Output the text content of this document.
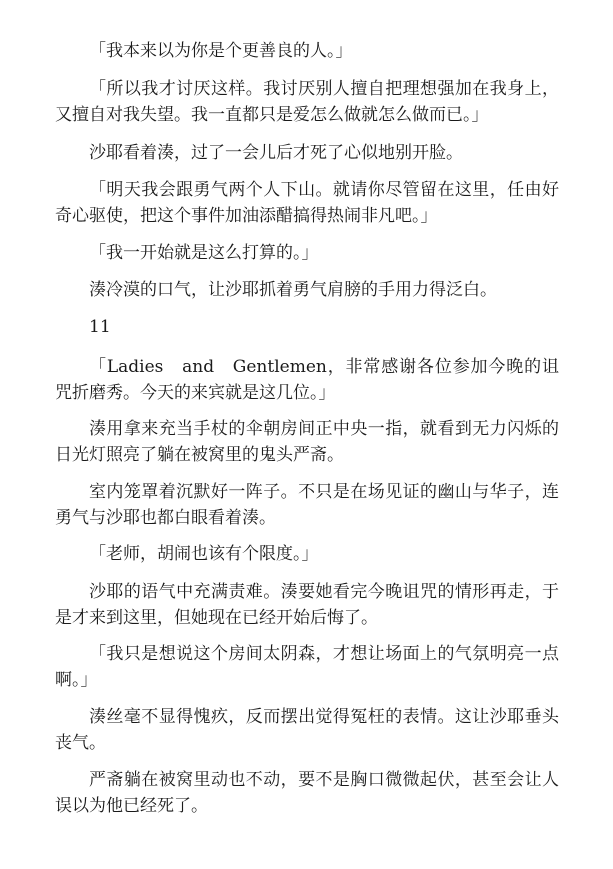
「我本来以为你是个更善良的人。」

「所以我才讨厌这样。我讨厌别人擅自把理想强加在我身上，又擅自对我失望。我一直都只是爱怎么做就怎么做而已。」

沙耶看着湊，过了一会儿后才死了心似地别开脸。

「明天我会跟勇气两个人下山。就请你尽管留在这里，任由好奇心驱使，把这个事件加油添醋搞得热闹非凡吧。」

「我一开始就是这么打算的。」

湊冷漠的口气，让沙耶抓着勇气肩膀的手用力得泛白。

11

「Ladies　and　Gentlemen，非常感谢各位参加今晚的诅咒折磨秀。今天的来宾就是这几位。」

湊用拿来充当手杖的伞朝房间正中央一指，就看到无力闪烁的日光灯照亮了躺在被窝里的鬼头严斋。

室内笼罩着沉默好一阵子。不只是在场见证的幽山与华子，连勇气与沙耶也都白眼看着湊。

「老师，胡闹也该有个限度。」

沙耶的语气中充满责难。湊要她看完今晚诅咒的情形再走，于是才来到这里，但她现在已经开始后悔了。

「我只是想说这个房间太阴森，才想让场面上的气氛明亮一点啊。」

湊丝毫不显得愧疚，反而摆出觉得冤枉的表情。这让沙耶垂头丧气。

严斋躺在被窝里动也不动，要不是胸口微微起伏，甚至会让人误以为他已经死了。
